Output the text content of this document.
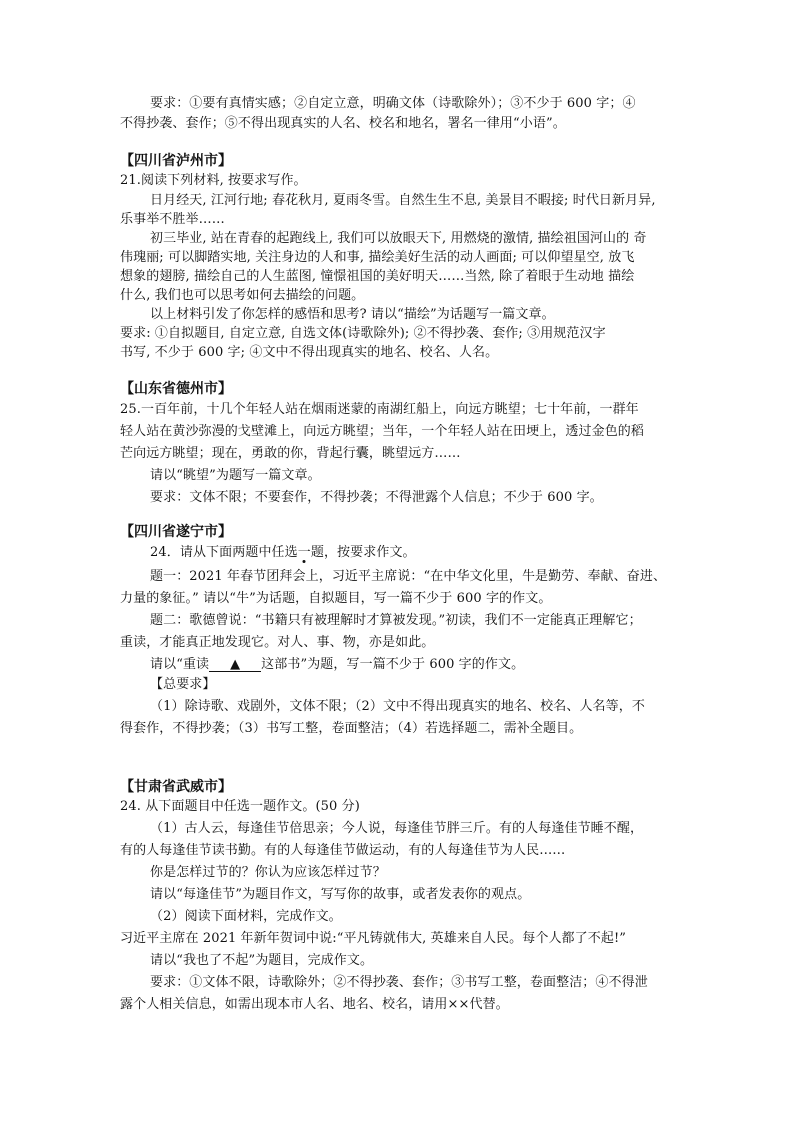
要求：①要有真情实感；②自定立意，明确文体（诗歌除外）；③不少于 600 字；④

不得抄袭、套作；⑤不得出现真实的人名、校名和地名，署名一律用“小语”。

【四川省泸州市】

21.阅读下列材料, 按要求写作。

日月经天, 江河行地; 春花秋月, 夏雨冬雪。自然生生不息, 美景目不暇接; 时代日新月异,

乐事举不胜举……

初三毕业, 站在青春的起跑线上, 我们可以放眼天下, 用燃烧的激情, 描绘祖国河山的 奇

伟瑰丽; 可以脚踏实地, 关注身边的人和事, 描绘美好生活的动人画面; 可以仰望星空, 放飞

想象的翅膀, 描绘自己的人生蓝图, 憧憬祖国的美好明天……当然, 除了着眼于生动地 描绘

什么, 我们也可以思考如何去描绘的问题。

以上材料引发了你怎样的感悟和思考? 请以“描绘”为话题写一篇文章。

要求: ①自拟题目, 自定立意, 自选文体(诗歌除外); ②不得抄袭、套作; ③用规范汉字

书写, 不少于 600 字; ④文中不得出现真实的地名、校名、人名。

【山东省德州市】

25.一百年前，十几个年轻人站在烟雨迷蒙的南湖红船上，向远方眺望；七十年前，一群年

轻人站在黄沙弥漫的戈壁滩上，向远方眺望；当年，一个年轻人站在田埂上，透过金色的稻

芒向远方眺望；现在，勇敢的你，背起行囊，眺望远方……

请以“眺望”为题写一篇文章。

要求：文体不限；不要套作，不得抄袭；不得泄露个人信息；不少于 600 字。

【四川省遂宁市】

24．请从下面两题中任选一
题，按要求作文。

题一：2021 年春节团拜会上，习近平主席说：“在中华文化里，牛是勤劳、奉献、奋进、

力量的象征。” 请以“牛”为话题，自拟题目，写一篇不少于 600 字的作文。

题二：歌德曾说：“书籍只有被理解时才算被发现。”初读，我们不一定能真正理解它；

重读，才能真正地发现它。对人、事、物，亦是如此。

请以“重读 ▲ 这部书”为题，写一篇不少于 600 字的作文。

【总要求】

（1）除诗歌、戏剧外，文体不限；（2）文中不得出现真实的地名、校名、人名等，不

得套作，不得抄袭；（3）书写工整，卷面整洁；（4）若选择题二，需补全题目。

【甘肃省武威市】

24. 从下面题目中任选一题作文。(50 分)

（1）古人云，每逢佳节倍思亲；今人说，每逢佳节胖三斤。有的人每逢佳节睡不醒，

有的人每逢佳节读书勤。有的人每逢佳节做运动，有的人每逢佳节为人民……

你是怎样过节的？你认为应该怎样过节？

请以“每逢佳节”为题目作文，写写你的故事，或者发表你的观点。

（2）阅读下面材料，完成作文。

习近平主席在 2021 年新年贺词中说:“平凡铸就伟大, 英雄来自人民。每个人都了不起!”

请以“我也了不起”为题目，完成作文。

要求：①文体不限，诗歌除外；②不得抄袭、套作；③书写工整，卷面整洁；④不得泄

露个人相关信息，如需出现本市人名、地名、校名，请用××代替。
